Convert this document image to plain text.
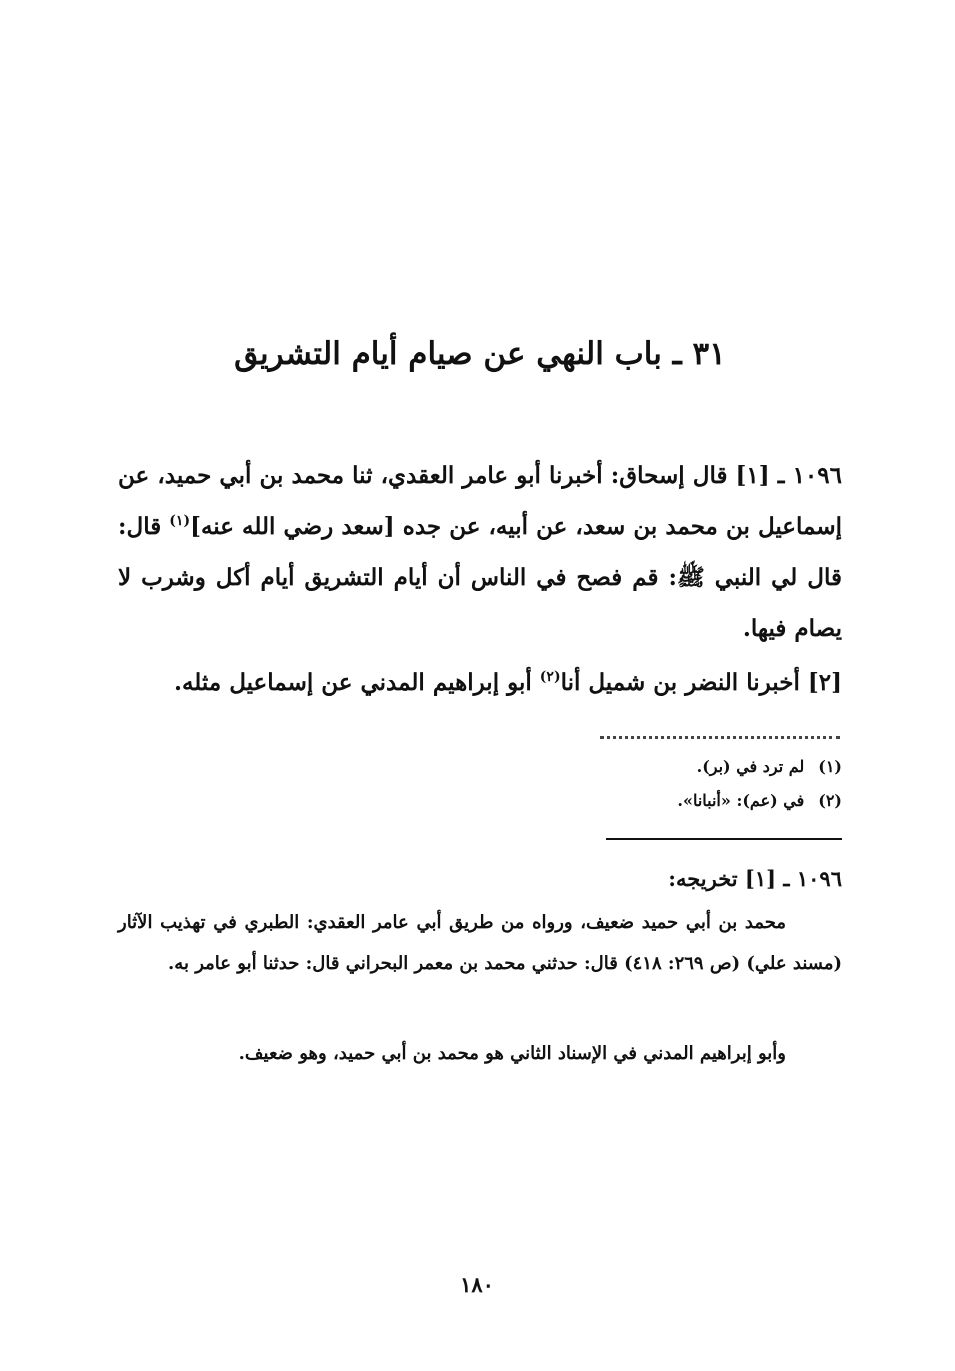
٣١ ـ باب النهي عن صيام أيام التشريق
١٠٩٦ ـ [١]قال إسحاق: أخبرنا أبو عامر العقدي، ثنا محمد بن أبي حميد، عن إسماعيل بن محمد بن سعد، عن أبيه، عن جده [سعد رضي الله عنه]$^{(١)}$ قال: قال لي النبي ﷺ: قم فصح في الناس أن أيام التشريق أيام أكل وشرب لا يصام فيها.
[٢]أخبرنا النضر بن شميل أنا$^{(٢)}$ أبو إبراهيم المدني عن إسماعيل مثله.
(١)لم ترد في (بر).
(٢)في (عم): «أنبانا».
١٠٩٦ ـ [١] تخريجه:
محمد بن أبي حميد ضعيف، ورواه من طريق أبي عامر العقدي: الطبري في تهذيب الآثار (مسند علي) (ص ٢٦٩: ٤١٨) قال: حدثني محمد بن معمر البحراني قال: حدثنا أبو عامر به.
وأبو إبراهيم المدني في الإسناد الثاني هو محمد بن أبي حميد، وهو ضعيف.
١٨٠
